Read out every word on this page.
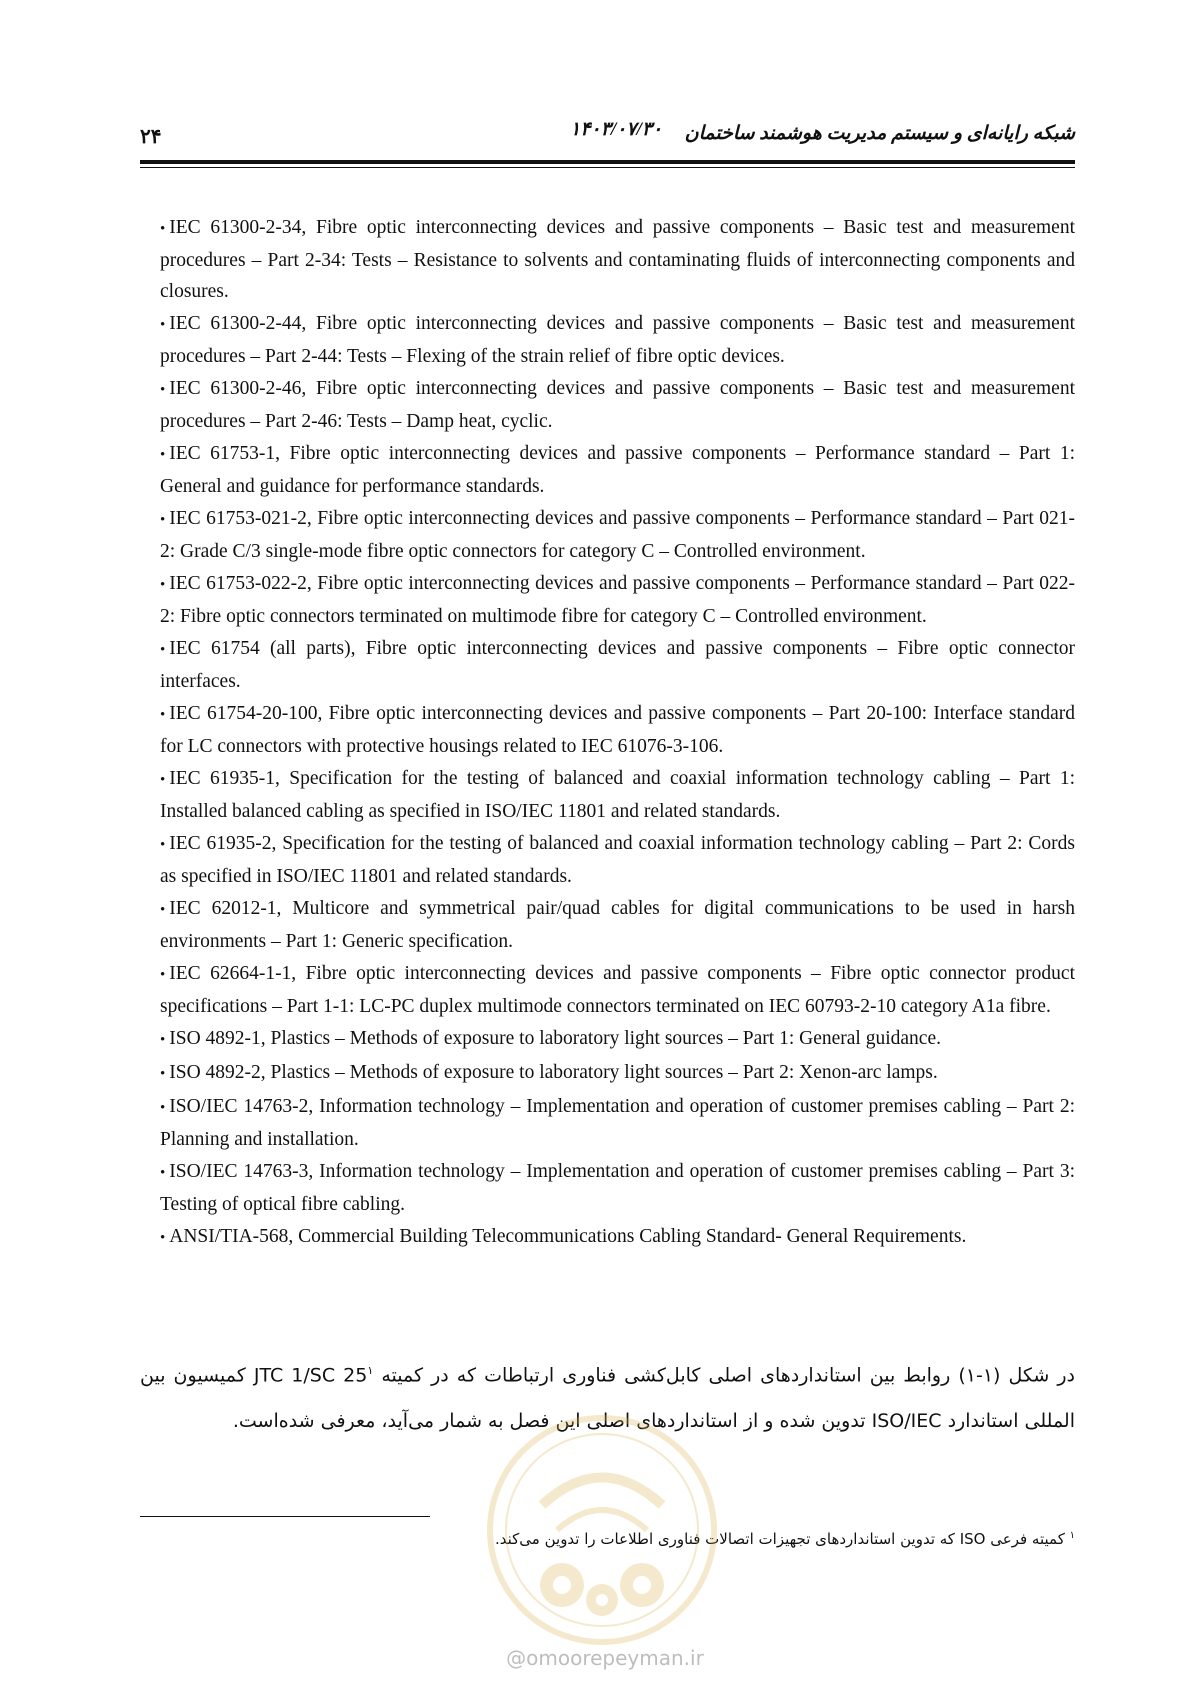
شبکه رایانه‌ای و سیستم مدیریت هوشمند ساختمان
۱۴۰۳/۰۷/۳۰
۲۴

• IEC 61300-2-34, Fibre optic interconnecting devices and passive components – Basic test and measurement procedures – Part 2-34: Tests – Resistance to solvents and contaminating fluids of interconnecting components and closures.

• IEC 61300-2-44, Fibre optic interconnecting devices and passive components – Basic test and measurement procedures – Part 2-44: Tests – Flexing of the strain relief of fibre optic devices.

• IEC 61300-2-46, Fibre optic interconnecting devices and passive components – Basic test and measurement procedures – Part 2-46: Tests – Damp heat, cyclic.

• IEC 61753-1, Fibre optic interconnecting devices and passive components – Performance standard – Part 1: General and guidance for performance standards.

• IEC 61753-021-2, Fibre optic interconnecting devices and passive components – Performance standard – Part 021-2: Grade C/3 single-mode fibre optic connectors for category C – Controlled environment.

• IEC 61753-022-2, Fibre optic interconnecting devices and passive components – Performance standard – Part 022-2: Fibre optic connectors terminated on multimode fibre for category C – Controlled environment.

• IEC 61754 (all parts), Fibre optic interconnecting devices and passive components – Fibre optic connector interfaces.

• IEC 61754-20-100, Fibre optic interconnecting devices and passive components – Part 20-100: Interface standard for LC connectors with protective housings related to IEC 61076-3-106.

• IEC 61935-1, Specification for the testing of balanced and coaxial information technology cabling – Part 1: Installed balanced cabling as specified in ISO/IEC 11801 and related standards.

• IEC 61935-2, Specification for the testing of balanced and coaxial information technology cabling – Part 2: Cords as specified in ISO/IEC 11801 and related standards.

• IEC 62012-1, Multicore and symmetrical pair/quad cables for digital communications to be used in harsh environments – Part 1: Generic specification.

• IEC 62664-1-1, Fibre optic interconnecting devices and passive components – Fibre optic connector product specifications – Part 1-1: LC-PC duplex multimode connectors terminated on IEC 60793-2-10 category A1a fibre.

• ISO 4892-1, Plastics – Methods of exposure to laboratory light sources – Part 1: General guidance.

• ISO 4892-2, Plastics – Methods of exposure to laboratory light sources – Part 2: Xenon-arc lamps.

• ISO/IEC 14763-2, Information technology – Implementation and operation of customer premises cabling – Part 2: Planning and installation.

• ISO/IEC 14763-3, Information technology – Implementation and operation of customer premises cabling – Part 3: Testing of optical fibre cabling.

• ANSI/TIA-568, Commercial Building Telecommunications Cabling Standard- General Requirements.

در شکل (۱-۱) روابط بین استانداردهای اصلی کابل‌کشی فناوری ارتباطات که در کمیته JTC 1/SC $25^۱$ کمیسیون بین المللی استاندارد ISO/IEC تدوین شده و از استانداردهای اصلی این فصل به شمار می‌آید، معرفی شده‌است.
$^۱$ کمیته فرعی ISO که تدوین استانداردهای تجهیزات اتصالات فناوری اطلاعات را تدوین می‌کند.
@omoorepeyman.ir
